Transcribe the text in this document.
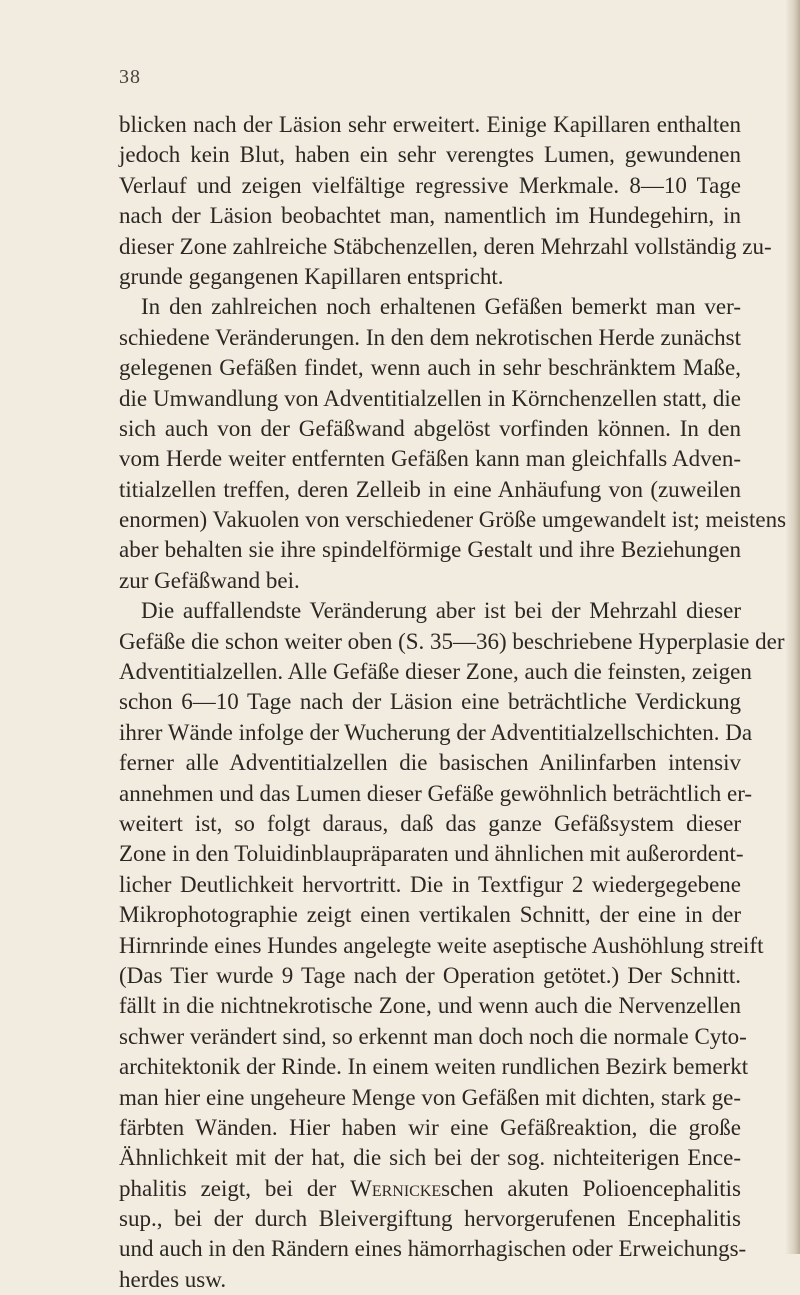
38
blicken nach der Läsion sehr erweitert. Einige Kapillaren enthalten
jedoch kein Blut, haben ein sehr verengtes Lumen, gewundenen
Verlauf und zeigen vielfältige regressive Merkmale. 8—10 Tage
nach der Läsion beobachtet man, namentlich im Hundegehirn, in
dieser Zone zahlreiche Stäbchenzellen, deren Mehrzahl vollständig zu-
grunde gegangenen Kapillaren entspricht.
In den zahlreichen noch erhaltenen Gefäßen bemerkt man ver-
schiedene Veränderungen. In den dem nekrotischen Herde zunächst
gelegenen Gefäßen findet, wenn auch in sehr beschränktem Maße,
die Umwandlung von Adventitialzellen in Körnchenzellen statt, die
sich auch von der Gefäßwand abgelöst vorfinden können. In den
vom Herde weiter entfernten Gefäßen kann man gleichfalls Adven-
titialzellen treffen, deren Zelleib in eine Anhäufung von (zuweilen
enormen) Vakuolen von verschiedener Größe umgewandelt ist; meistens
aber behalten sie ihre spindelförmige Gestalt und ihre Beziehungen
zur Gefäßwand bei.
Die auffallendste Veränderung aber ist bei der Mehrzahl dieser
Gefäße die schon weiter oben (S. 35—36) beschriebene Hyperplasie der
Adventitialzellen. Alle Gefäße dieser Zone, auch die feinsten, zeigen
schon 6—10 Tage nach der Läsion eine beträchtliche Verdickung
ihrer Wände infolge der Wucherung der Adventitialzellschichten. Da
ferner alle Adventitialzellen die basischen Anilinfarben intensiv
annehmen und das Lumen dieser Gefäße gewöhnlich beträchtlich er-
weitert ist, so folgt daraus, daß das ganze Gefäßsystem dieser
Zone in den Toluidinblaupräparaten und ähnlichen mit außerordent-
licher Deutlichkeit hervortritt. Die in Textfigur 2 wiedergegebene
Mikrophotographie zeigt einen vertikalen Schnitt, der eine in der
Hirnrinde eines Hundes angelegte weite aseptische Aushöhlung streift
(Das Tier wurde 9 Tage nach der Operation getötet.) Der Schnitt.
fällt in die nichtnekrotische Zone, und wenn auch die Nervenzellen
schwer verändert sind, so erkennt man doch noch die normale Cyto-
architektonik der Rinde. In einem weiten rundlichen Bezirk bemerkt
man hier eine ungeheure Menge von Gefäßen mit dichten, stark ge-
färbten Wänden. Hier haben wir eine Gefäßreaktion, die große
Ähnlichkeit mit der hat, die sich bei der sog. nichteiterigen Ence-
phalitis zeigt, bei der Wernickeschen akuten Polioencephalitis
sup., bei der durch Bleivergiftung hervorgerufenen Encephalitis
und auch in den Rändern eines hämorrhagischen oder Erweichungs-
herdes usw.
